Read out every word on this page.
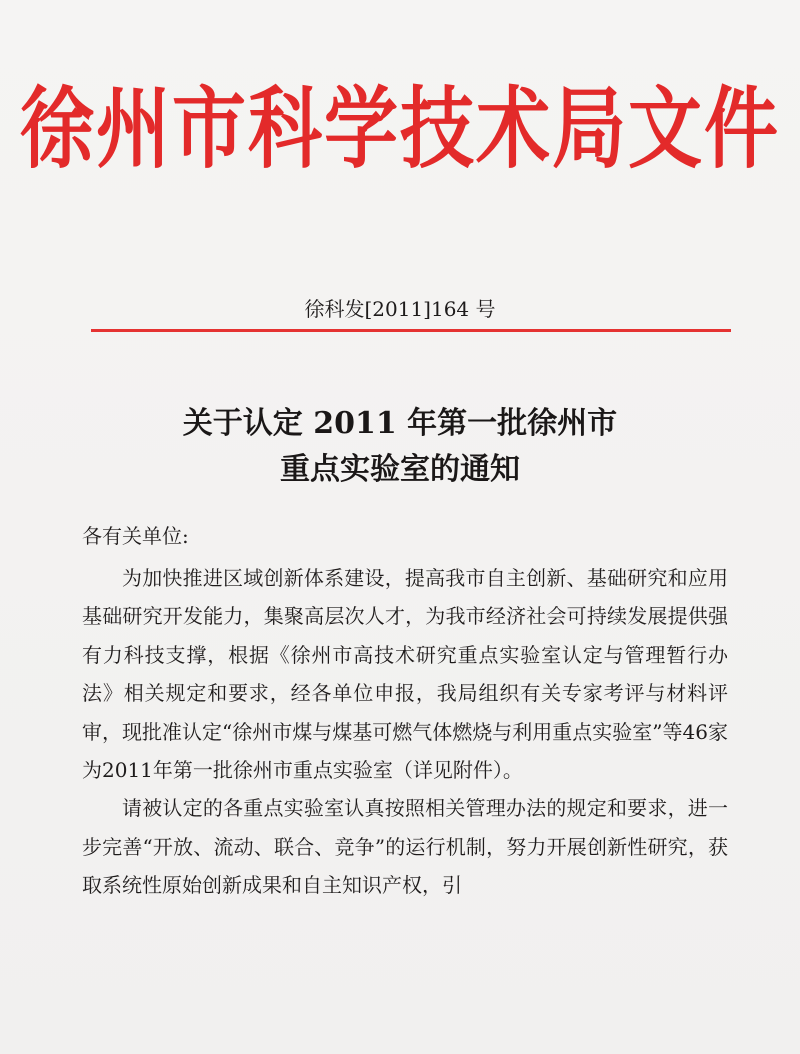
徐州市科学技术局文件
徐科发[2011]164 号
关于认定 2011 年第一批徐州市
重点实验室的通知
各有关单位:

为加快推进区域创新体系建设，提高我市自主创新、基础研究和应用基础研究开发能力，集聚高层次人才，为我市经济社会可持续发展提供强有力科技支撑，根据《徐州市高技术研究重点实验室认定与管理暂行办法》相关规定和要求，经各单位申报，我局组织有关专家考评与材料评审，现批准认定“徐州市煤与煤基可燃气体燃烧与利用重点实验室”等46家为2011年第一批徐州市重点实验室（详见附件）。

请被认定的各重点实验室认真按照相关管理办法的规定和要求，进一步完善“开放、流动、联合、竞争”的运行机制，努力开展创新性研究，获取系统性原始创新成果和自主知识产权，引
